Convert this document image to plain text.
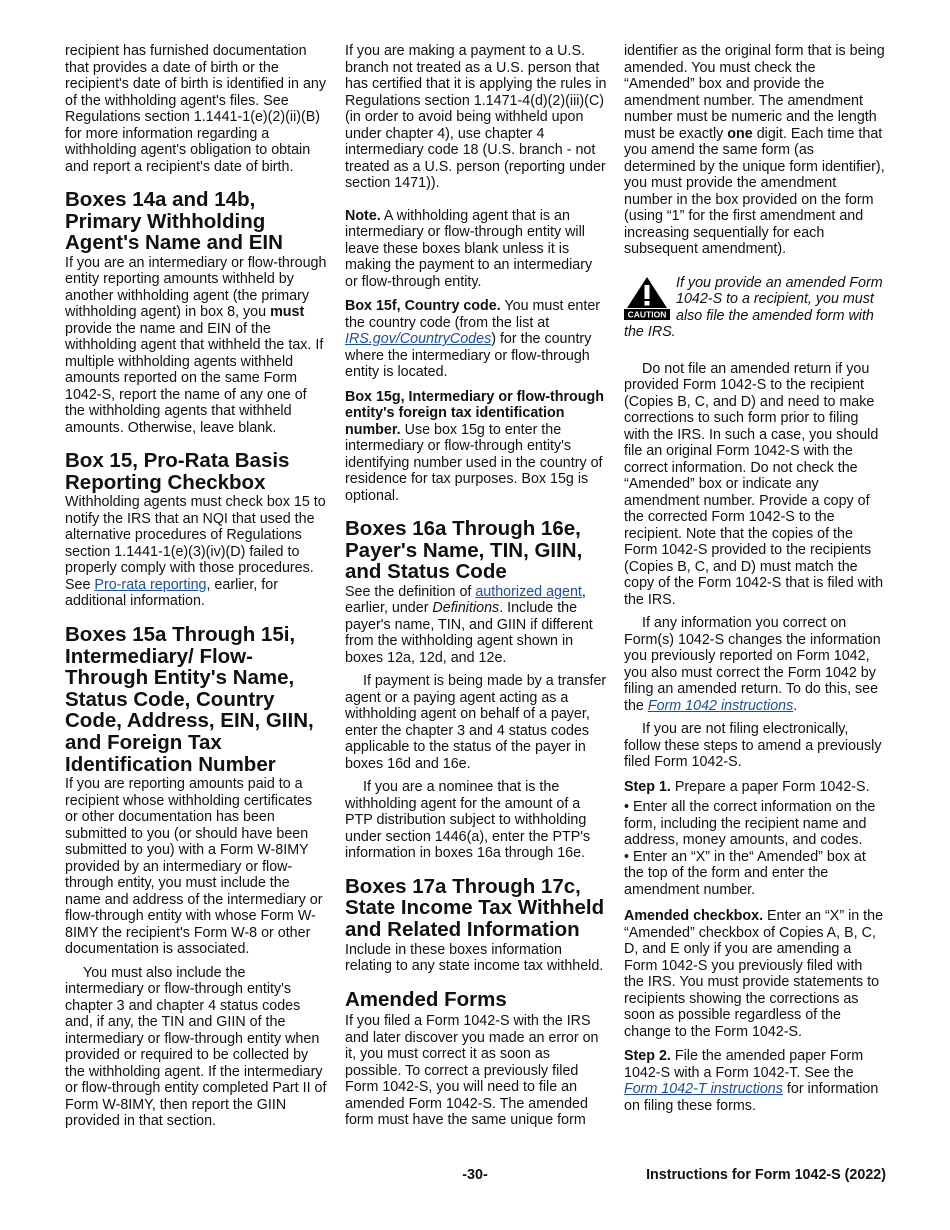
recipient has furnished documentation that provides a date of birth or the recipient's date of birth is identified in any of the withholding agent's files. See Regulations section 1.1441-1(e)(2)(ii)(B) for more information regarding a withholding agent's obligation to obtain and report a recipient's date of birth.

Boxes 14a and 14b, Primary Withholding Agent's Name and EIN

If you are an intermediary or flow-through entity reporting amounts withheld by another withholding agent (the primary withholding agent) in box 8, you must provide the name and EIN of the withholding agent that withheld the tax. If multiple withholding agents withheld amounts reported on the same Form 1042-S, report the name of any one of the withholding agents that withheld amounts. Otherwise, leave blank.

Box 15, Pro-Rata Basis Reporting Checkbox

Withholding agents must check box 15 to notify the IRS that an NQI that used the alternative procedures of Regulations section 1.1441-1(e)(3)(iv)(D) failed to properly comply with those procedures. See Pro-rata reporting, earlier, for additional information.

Boxes 15a Through 15i, Intermediary/ Flow-Through Entity's Name, Status Code, Country Code, Address, EIN, GIIN, and Foreign Tax Identification Number

If you are reporting amounts paid to a recipient whose withholding certificates or other documentation has been submitted to you (or should have been submitted to you) with a Form W-8IMY provided by an intermediary or flow-through entity, you must include the name and address of the intermediary or flow-through entity with whose Form W-8IMY the recipient's Form W-8 or other documentation is associated.

You must also include the intermediary or flow-through entity's chapter 3 and chapter 4 status codes and, if any, the TIN and GIIN of the intermediary or flow-through entity when provided or required to be collected by the withholding agent. If the intermediary or flow-through entity completed Part II of Form W-8IMY, then report the GIIN provided in that section.

If you are making a payment to a U.S. branch not treated as a U.S. person that has certified that it is applying the rules in Regulations section 1.1471-4(d)(2)(iii)(C) (in order to avoid being withheld upon under chapter 4), use chapter 4 intermediary code 18 (U.S. branch - not treated as a U.S. person (reporting under section 1471)).

Note. A withholding agent that is an intermediary or flow-through entity will leave these boxes blank unless it is making the payment to an intermediary or flow-through entity.

Box 15f, Country code. You must enter the country code (from the list at IRS.gov/CountryCodes) for the country where the intermediary or flow-through entity is located.

Box 15g, Intermediary or flow-through entity's foreign tax identification number. Use box 15g to enter the intermediary or flow-through entity's identifying number used in the country of residence for tax purposes. Box 15g is optional.

Boxes 16a Through 16e, Payer's Name, TIN, GIIN, and Status Code

See the definition of authorized agent, earlier, under Definitions. Include the payer's name, TIN, and GIIN if different from the withholding agent shown in boxes 12a, 12d, and 12e.

If payment is being made by a transfer agent or a paying agent acting as a withholding agent on behalf of a payer, enter the chapter 3 and 4 status codes applicable to the status of the payer in boxes 16d and 16e.

If you are a nominee that is the withholding agent for the amount of a PTP distribution subject to withholding under section 1446(a), enter the PTP's information in boxes 16a through 16e.

Boxes 17a Through 17c, State Income Tax Withheld and Related Information

Include in these boxes information relating to any state income tax withheld.

Amended Forms

If you filed a Form 1042-S with the IRS and later discover you made an error on it, you must correct it as soon as possible. To correct a previously filed Form 1042-S, you will need to file an amended Form 1042-S. The amended form must have the same unique form

identifier as the original form that is being amended. You must check the “Amended” box and provide the amendment number. The amendment number must be numeric and the length must be exactly one digit. Each time that you amend the same form (as determined by the unique form identifier), you must provide the amendment number in the box provided on the form (using “1” for the first amendment and increasing sequentially for each subsequent amendment).

CAUTION
If you provide an amended Form 1042-S to a recipient, you must also file the amended form with the IRS.

Do not file an amended return if you provided Form 1042-S to the recipient (Copies B, C, and D) and need to make corrections to such form prior to filing with the IRS. In such a case, you should file an original Form 1042-S with the correct information. Do not check the “Amended” box or indicate any amendment number. Provide a copy of the corrected Form 1042-S to the recipient. Note that the copies of the Form 1042-S provided to the recipients (Copies B, C, and D) must match the copy of the Form 1042-S that is filed with the IRS.

If any information you correct on Form(s) 1042-S changes the information you previously reported on Form 1042, you also must correct the Form 1042 by filing an amended return. To do this, see the Form 1042 instructions.

If you are not filing electronically, follow these steps to amend a previously filed Form 1042-S.

Step 1. Prepare a paper Form 1042-S.

• Enter all the correct information on the form, including the recipient name and address, money amounts, and codes.

• Enter an “X” in the“ Amended” box at the top of the form and enter the amendment number.

Amended checkbox. Enter an “X” in the “Amended” checkbox of Copies A, B, C, D, and E only if you are amending a Form 1042-S you previously filed with the IRS. You must provide statements to recipients showing the corrections as soon as possible regardless of the change to the Form 1042-S.

Step 2. File the amended paper Form 1042-S with a Form 1042-T. See the Form 1042-T instructions for information on filing these forms.

-30-	Instructions for Form 1042-S (2022)
